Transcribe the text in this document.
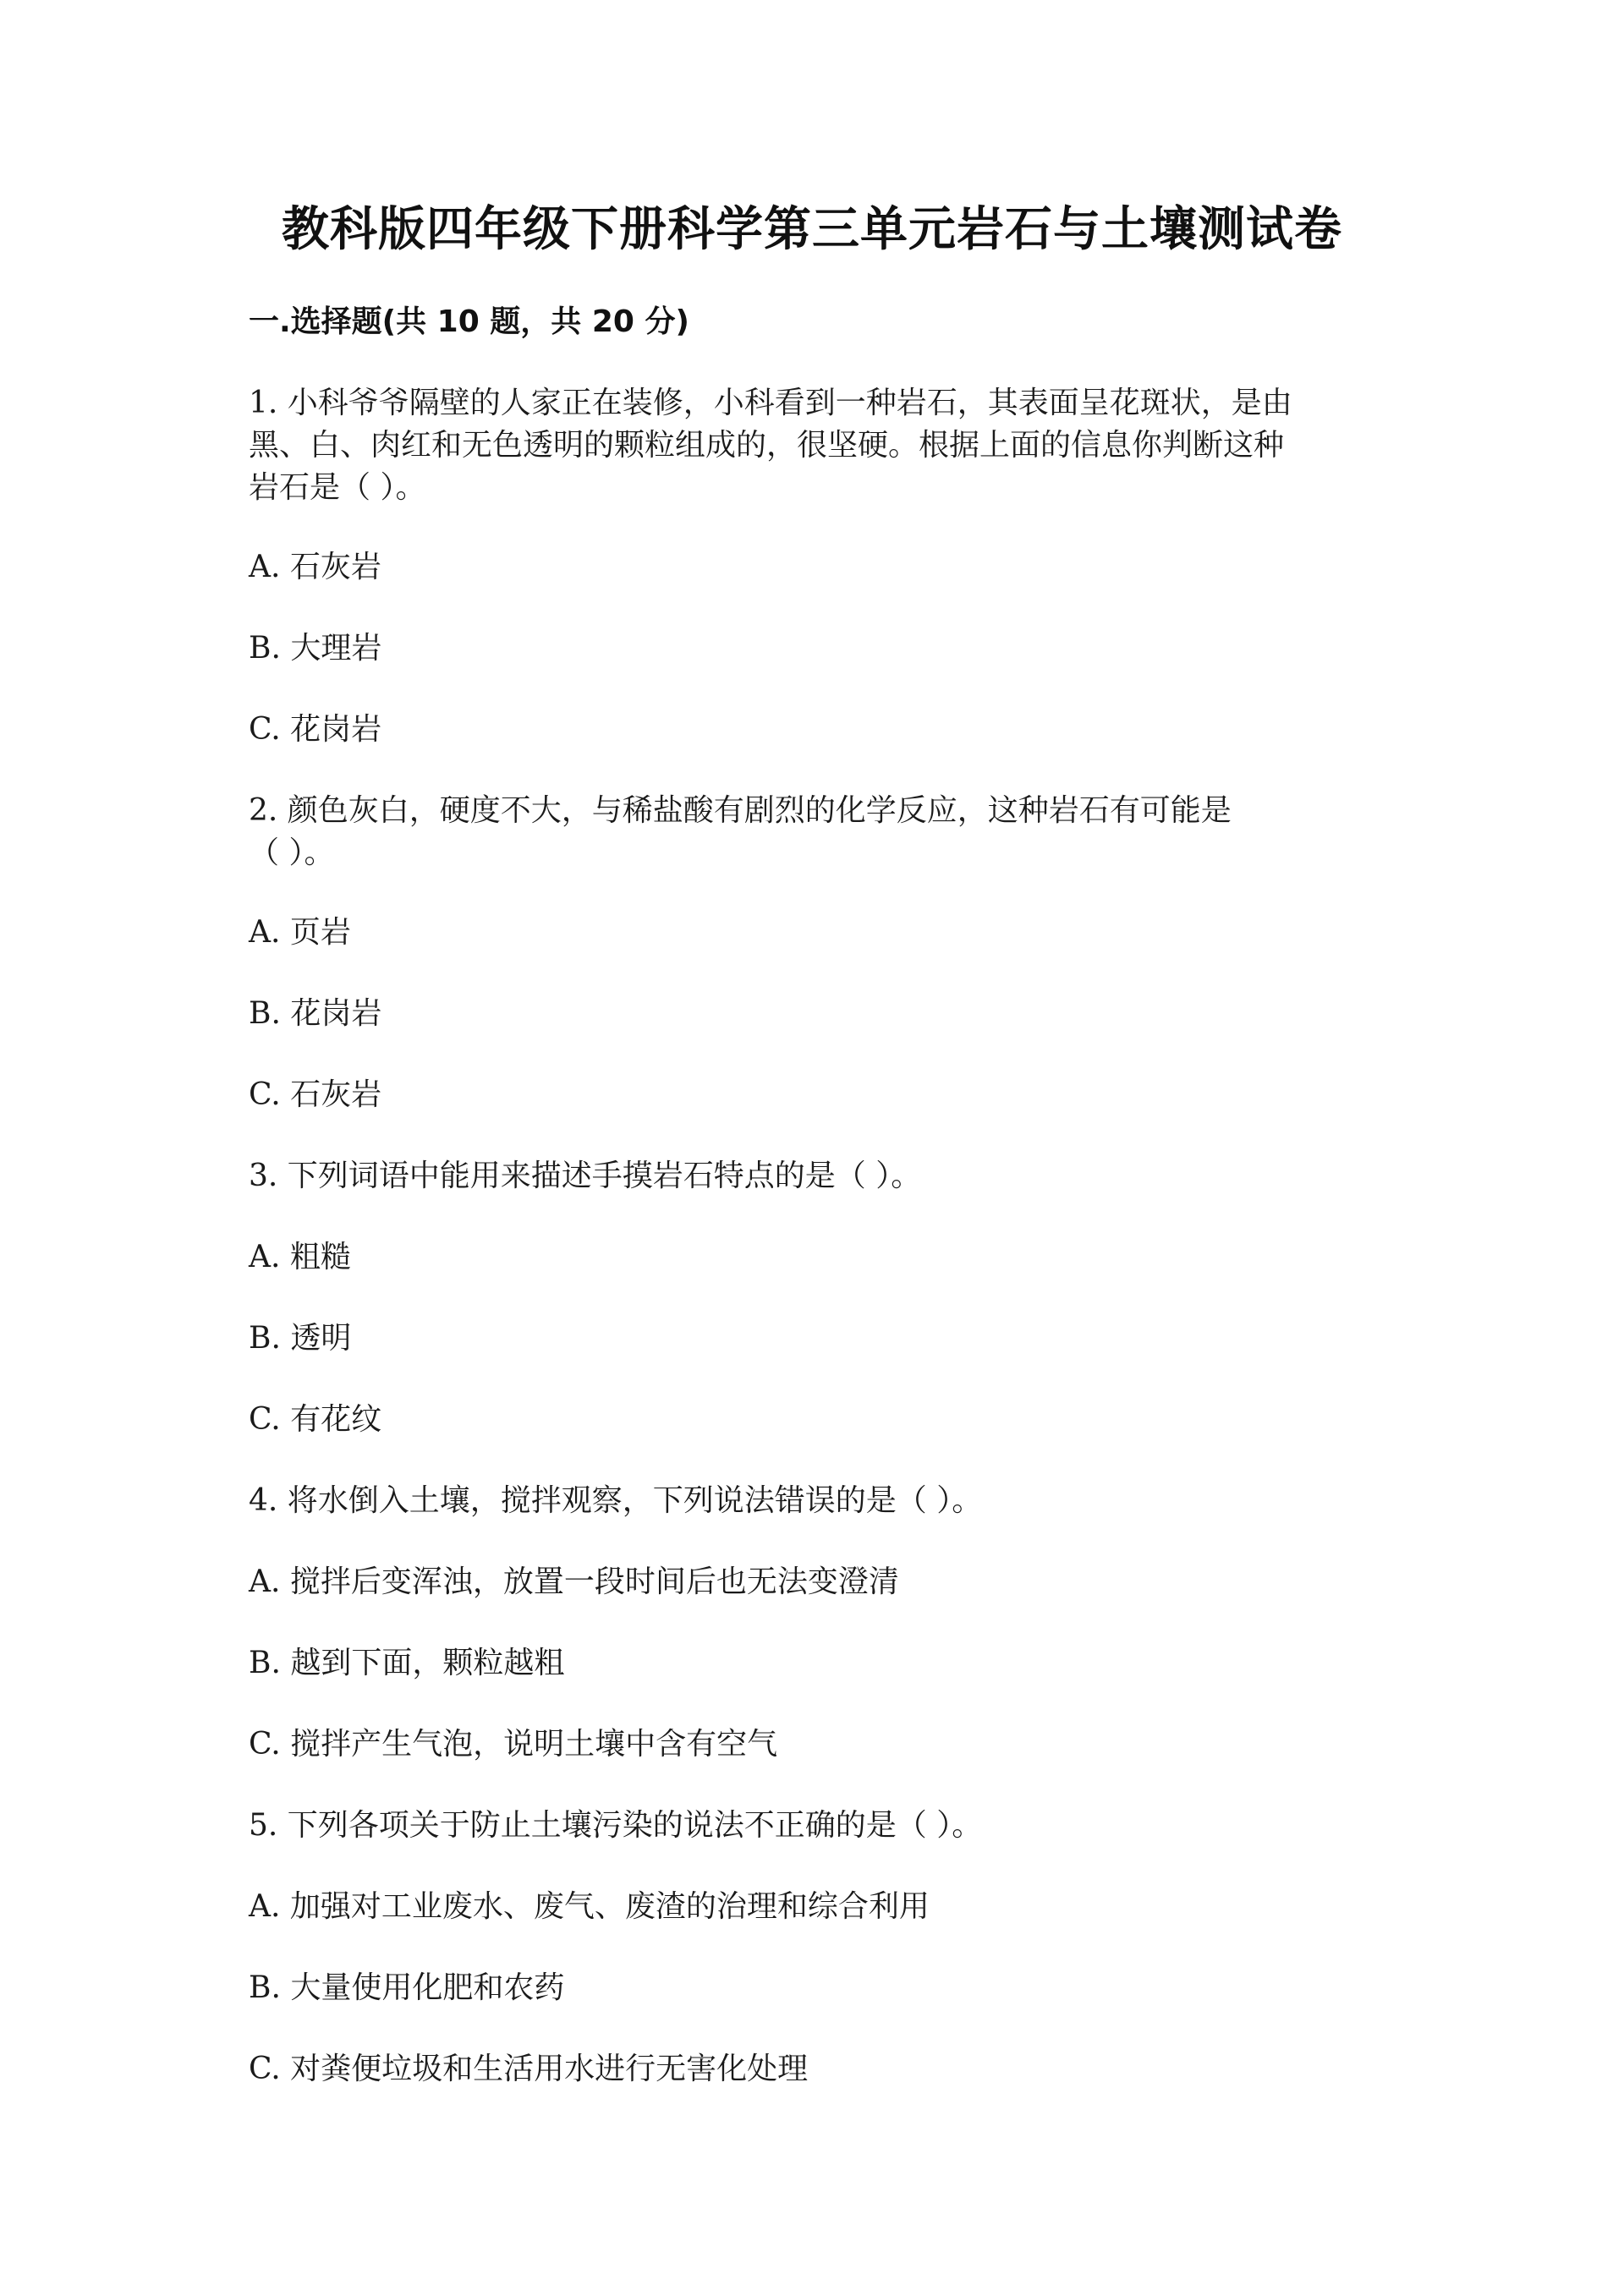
教科版四年级下册科学第三单元岩石与土壤测试卷
一.选择题(共 10 题，共 20 分)
1. 小科爷爷隔壁的人家正在装修，小科看到一种岩石，其表面呈花斑状，是由
黑、白、肉红和无色透明的颗粒组成的，很坚硬。根据上面的信息你判断这种
岩石是（ ）。
A. 石灰岩
B. 大理岩
C. 花岗岩
2. 颜色灰白，硬度不大，与稀盐酸有剧烈的化学反应，这种岩石有可能是
（ ）。
A. 页岩
B. 花岗岩
C. 石灰岩
3. 下列词语中能用来描述手摸岩石特点的是（ ）。
A. 粗糙
B. 透明
C. 有花纹
4. 将水倒入土壤，搅拌观察，下列说法错误的是（ ）。
A. 搅拌后变浑浊，放置一段时间后也无法变澄清
B. 越到下面，颗粒越粗
C. 搅拌产生气泡，说明土壤中含有空气
5. 下列各项关于防止土壤污染的说法不正确的是（ ）。
A. 加强对工业废水、废气、废渣的治理和综合利用
B. 大量使用化肥和农药
C. 对粪便垃圾和生活用水进行无害化处理
